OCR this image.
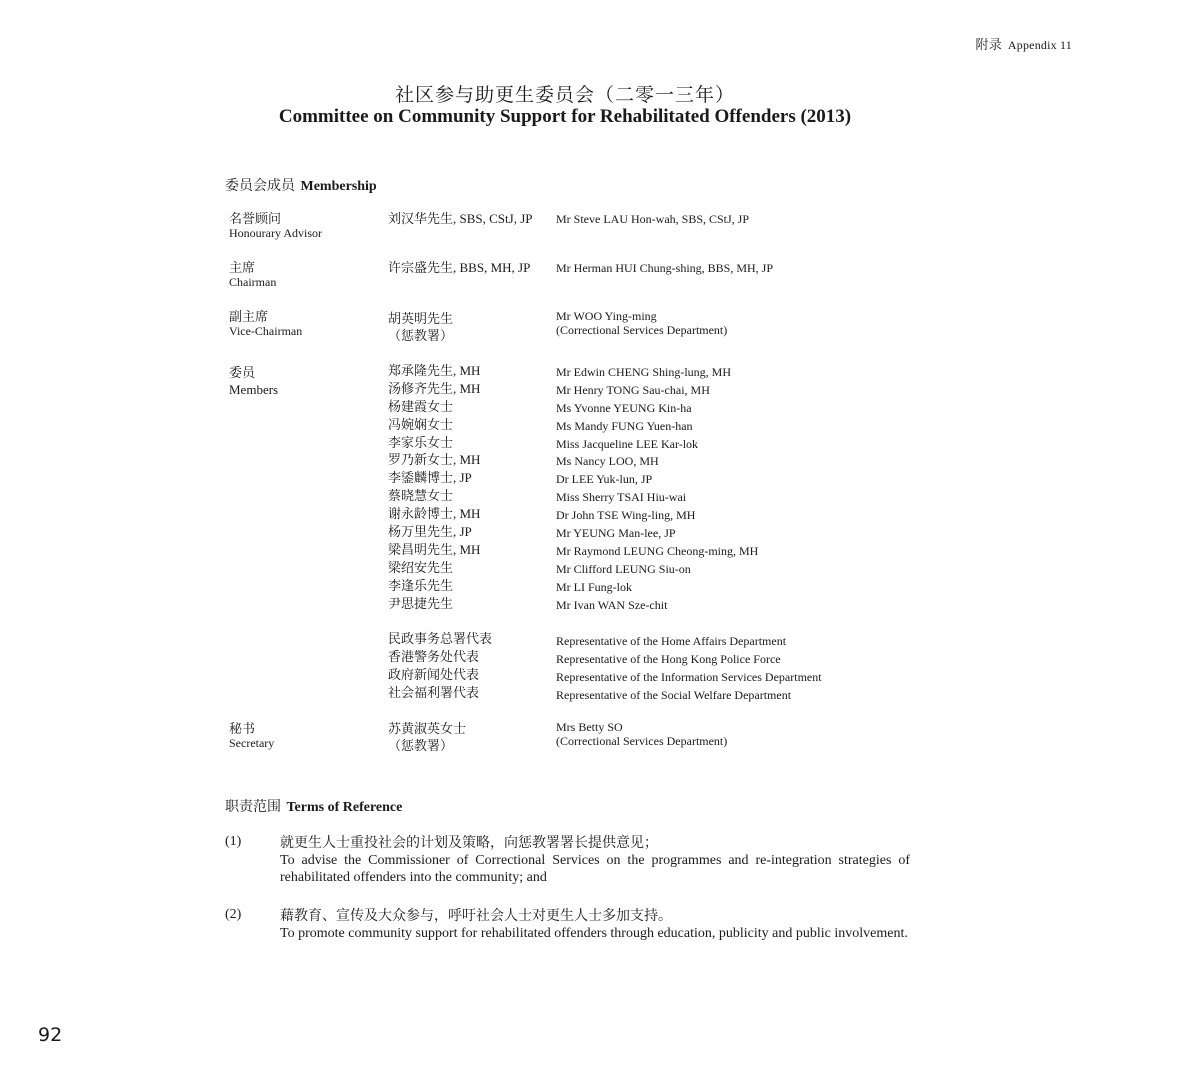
附录 Appendix 11
社区参与助更生委员会（二零一三年）
Committee on Community Support for Rehabilitated Offenders (2013)
委员会成员 Membership
名誉顾问
Honourary Advisor
刘汉华先生, SBS, CStJ, JP Mr Steve LAU Hon-wah, SBS, CStJ, JP
主席
Chairman
许宗盛先生, BBS, MH, JP Mr Herman HUI Chung-shing, BBS, MH, JP
副主席
Vice-Chairman
胡英明先生
（惩教署）
Mr WOO Ying-ming
(Correctional Services Department)
委员
Members
郑承隆先生, MH
汤修齐先生, MH
杨建霞女士
冯婉娴女士
李家乐女士
罗乃新女士, MH
李鋈麟博士, JP
蔡晓慧女士
谢永龄博士, MH
杨万里先生, JP
梁昌明先生, MH
梁绍安先生
李逢乐先生
尹思捷先生
Mr Edwin CHENG Shing-lung, MH
Mr Henry TONG Sau-chai, MH
Ms Yvonne YEUNG Kin-ha
Ms Mandy FUNG Yuen-han
Miss Jacqueline LEE Kar-lok
Ms Nancy LOO, MH
Dr LEE Yuk-lun, JP
Miss Sherry TSAI Hiu-wai
Dr John TSE Wing-ling, MH
Mr YEUNG Man-lee, JP
Mr Raymond LEUNG Cheong-ming, MH
Mr Clifford LEUNG Siu-on
Mr LI Fung-lok
Mr Ivan WAN Sze-chit
民政事务总署代表
香港警务处代表
政府新闻处代表
社会福利署代表
Representative of the Home Affairs Department
Representative of the Hong Kong Police Force
Representative of the Information Services Department
Representative of the Social Welfare Department
秘书
Secretary
苏黄淑英女士
（惩教署）
Mrs Betty SO
(Correctional Services Department)
职责范围 Terms of Reference
(1)	就更生人士重投社会的计划及策略，向惩教署署长提供意见；
To advise the Commissioner of Correctional Services on the programmes and re-integration strategies of rehabilitated offenders into the community; and
(2)	藉教育、宣传及大众参与，呼吁社会人士对更生人士多加支持。
To promote community support for rehabilitated offenders through education, publicity and public involvement.
92
